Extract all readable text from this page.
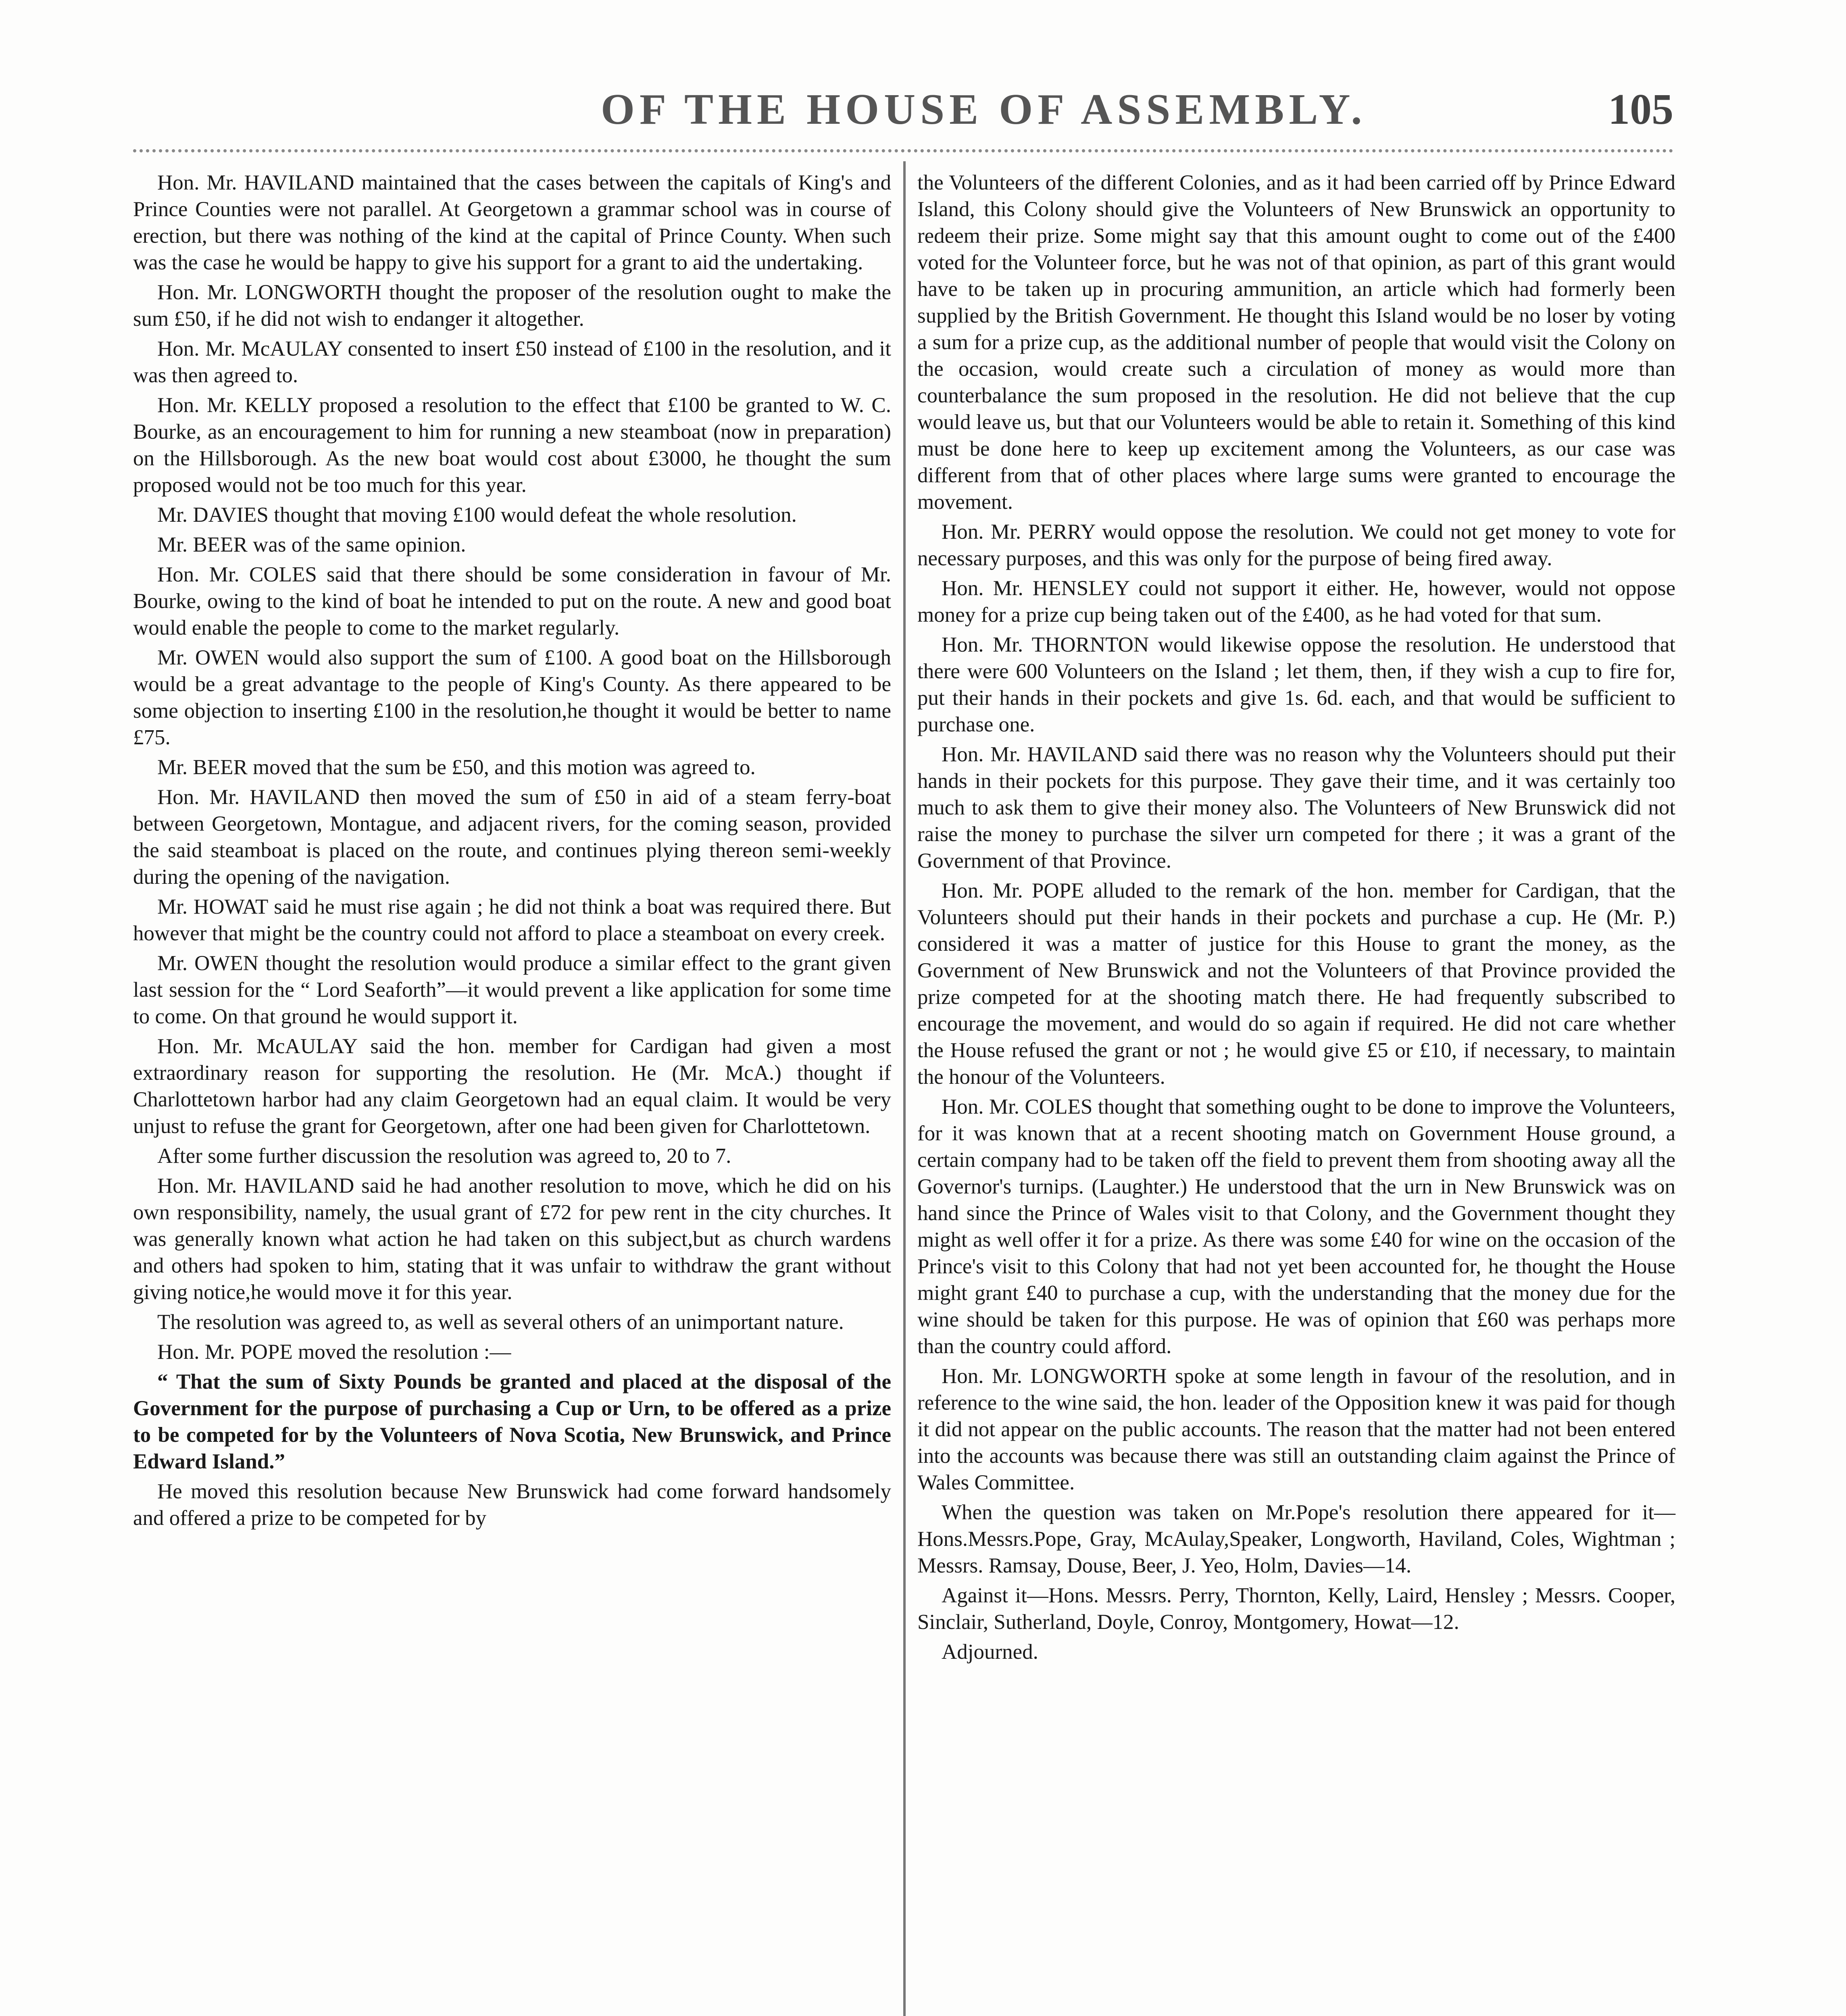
OF THE HOUSE OF ASSEMBLY.	105

Hon. Mr. HAVILAND maintained that the cases between the capitals of King's and Prince Counties were not parallel. At Georgetown a grammar school was in course of erection, but there was nothing of the kind at the capital of Prince County. When such was the case he would be happy to give his support for a grant to aid the undertaking.

Hon. Mr. LONGWORTH thought the proposer of the resolution ought to make the sum £50, if he did not wish to endanger it altogether.

Hon. Mr. McAULAY consented to insert £50 instead of £100 in the resolution, and it was then agreed to.

Hon. Mr. KELLY proposed a resolution to the effect that £100 be granted to W. C. Bourke, as an encouragement to him for running a new steamboat (now in preparation) on the Hillsborough. As the new boat would cost about £3000, he thought the sum proposed would not be too much for this year.

Mr. DAVIES thought that moving £100 would defeat the whole resolution.

Mr. BEER was of the same opinion.

Hon. Mr. COLES said that there should be some consideration in favour of Mr. Bourke, owing to the kind of boat he intended to put on the route. A new and good boat would enable the people to come to the market regularly.

Mr. OWEN would also support the sum of £100. A good boat on the Hillsborough would be a great advantage to the people of King's County. As there appeared to be some objection to inserting £100 in the resolution,he thought it would be better to name £75.

Mr. BEER moved that the sum be £50, and this motion was agreed to.

Hon. Mr. HAVILAND then moved the sum of £50 in aid of a steam ferry-boat between Georgetown, Montague, and adjacent rivers, for the coming season, provided the said steamboat is placed on the route, and continues plying thereon semi-weekly during the opening of the navigation.

Mr. HOWAT said he must rise again ; he did not think a boat was required there. But however that might be the country could not afford to place a steamboat on every creek.

Mr. OWEN thought the resolution would produce a similar effect to the grant given last session for the “ Lord Seaforth”—it would prevent a like application for some time to come. On that ground he would support it.

Hon. Mr. McAULAY said the hon. member for Cardigan had given a most extraordinary reason for supporting the resolution. He (Mr. McA.) thought if Charlottetown harbor had any claim Georgetown had an equal claim. It would be very unjust to refuse the grant for Georgetown, after one had been given for Charlottetown.

After some further discussion the resolution was agreed to, 20 to 7.

Hon. Mr. HAVILAND said he had another resolution to move, which he did on his own responsibility, namely, the usual grant of £72 for pew rent in the city churches. It was generally known what action he had taken on this subject,but as church wardens and others had spoken to him, stating that it was unfair to withdraw the grant without giving notice,he would move it for this year.

The resolution was agreed to, as well as several others of an unimportant nature.

Hon. Mr. POPE moved the resolution :—

“ That the sum of Sixty Pounds be granted and placed at the disposal of the Government for the purpose of purchasing a Cup or Urn, to be offered as a prize to be competed for by the Volunteers of Nova Scotia, New Brunswick, and Prince Edward Island.”

He moved this resolution because New Brunswick had come forward handsomely and offered a prize to be competed for by

the Volunteers of the different Colonies, and as it had been carried off by Prince Edward Island, this Colony should give the Volunteers of New Brunswick an opportunity to redeem their prize. Some might say that this amount ought to come out of the £400 voted for the Volunteer force, but he was not of that opinion, as part of this grant would have to be taken up in procuring ammunition, an article which had formerly been supplied by the British Government. He thought this Island would be no loser by voting a sum for a prize cup, as the additional number of people that would visit the Colony on the occasion, would create such a circulation of money as would more than counterbalance the sum proposed in the resolution. He did not believe that the cup would leave us, but that our Volunteers would be able to retain it. Something of this kind must be done here to keep up excitement among the Volunteers, as our case was different from that of other places where large sums were granted to encourage the movement.

Hon. Mr. PERRY would oppose the resolution. We could not get money to vote for necessary purposes, and this was only for the purpose of being fired away.

Hon. Mr. HENSLEY could not support it either. He, however, would not oppose money for a prize cup being taken out of the £400, as he had voted for that sum.

Hon. Mr. THORNTON would likewise oppose the resolution. He understood that there were 600 Volunteers on the Island ; let them, then, if they wish a cup to fire for, put their hands in their pockets and give 1s. 6d. each, and that would be sufficient to purchase one.

Hon. Mr. HAVILAND said there was no reason why the Volunteers should put their hands in their pockets for this purpose. They gave their time, and it was certainly too much to ask them to give their money also. The Volunteers of New Brunswick did not raise the money to purchase the silver urn competed for there ; it was a grant of the Government of that Province.

Hon. Mr. POPE alluded to the remark of the hon. member for Cardigan, that the Volunteers should put their hands in their pockets and purchase a cup. He (Mr. P.) considered it was a matter of justice for this House to grant the money, as the Government of New Brunswick and not the Volunteers of that Province provided the prize competed for at the shooting match there. He had frequently subscribed to encourage the movement, and would do so again if required. He did not care whether the House refused the grant or not ; he would give £5 or £10, if necessary, to maintain the honour of the Volunteers.

Hon. Mr. COLES thought that something ought to be done to improve the Volunteers, for it was known that at a recent shooting match on Government House ground, a certain company had to be taken off the field to prevent them from shooting away all the Governor's turnips. (Laughter.) He understood that the urn in New Brunswick was on hand since the Prince of Wales visit to that Colony, and the Government thought they might as well offer it for a prize. As there was some £40 for wine on the occasion of the Prince's visit to this Colony that had not yet been accounted for, he thought the House might grant £40 to purchase a cup, with the understanding that the money due for the wine should be taken for this purpose. He was of opinion that £60 was perhaps more than the country could afford.

Hon. Mr. LONGWORTH spoke at some length in favour of the resolution, and in reference to the wine said, the hon. leader of the Opposition knew it was paid for though it did not appear on the public accounts. The reason that the matter had not been entered into the accounts was because there was still an outstanding claim against the Prince of Wales Committee.

When the question was taken on Mr.Pope's resolution there appeared for it—Hons.Messrs.Pope, Gray, McAulay,Speaker, Longworth, Haviland, Coles, Wightman ; Messrs. Ramsay, Douse, Beer, J. Yeo, Holm, Davies—14.

Against it—Hons. Messrs. Perry, Thornton, Kelly, Laird, Hensley ; Messrs. Cooper, Sinclair, Sutherland, Doyle, Conroy, Montgomery, Howat—12.

Adjourned.
